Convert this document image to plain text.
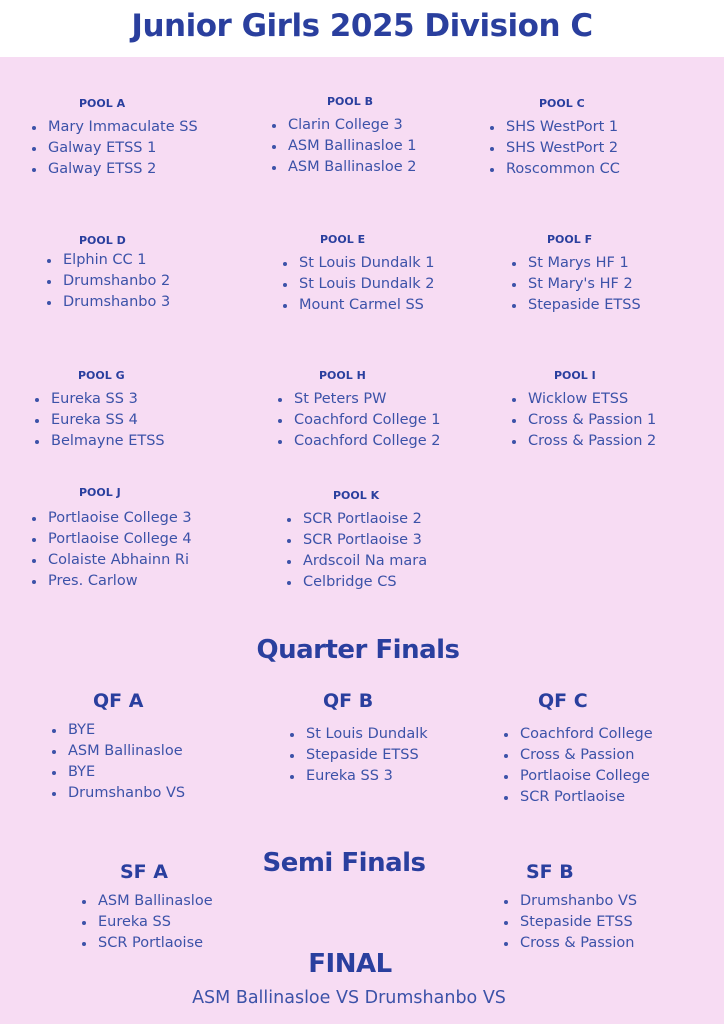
Junior Girls 2025 Division C
POOL A
Mary Immaculate SS
Galway ETSS 1
Galway ETSS 2
POOL B
Clarin College 3
ASM Ballinasloe 1
ASM Ballinasloe 2
POOL C
SHS WestPort 1
SHS WestPort 2
Roscommon CC
POOL D
Elphin CC 1
Drumshanbo 2
Drumshanbo 3
POOL E
St Louis Dundalk 1
St Louis Dundalk 2
Mount Carmel SS
POOL F
St Marys HF 1
St Mary's HF 2
Stepaside ETSS
POOL G
Eureka SS 3
Eureka SS 4
Belmayne ETSS
POOL H
St Peters PW
Coachford College 1
Coachford College 2
POOL I
Wicklow ETSS
Cross & Passion 1
Cross & Passion 2
POOL J
Portlaoise College 3
Portlaoise College 4
Colaiste Abhainn Ri
Pres. Carlow
POOL K
SCR Portlaoise 2
SCR Portlaoise 3
Ardscoil Na mara
Celbridge CS
Quarter Finals
QF A
BYE
ASM Ballinasloe
BYE
Drumshanbo VS
QF B
St Louis Dundalk
Stepaside ETSS
Eureka SS 3
QF C
Coachford College
Cross & Passion
Portlaoise College
SCR Portlaoise
Semi Finals
SF A
ASM Ballinasloe
Eureka SS
SCR Portlaoise
SF B
Drumshanbo VS
Stepaside ETSS
Cross & Passion
FINAL
ASM Ballinasloe VS Drumshanbo VS
